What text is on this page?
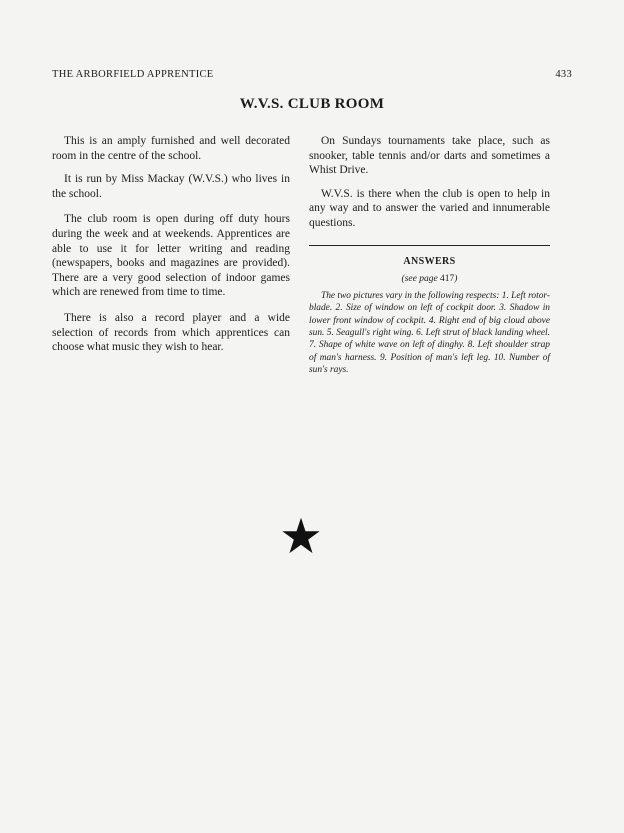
THE ARBORFIELD APPRENTICE	433
W.V.S. CLUB ROOM

This is an amply furnished and well decorated room in the centre of the school.

It is run by Miss Mackay (W.V.S.) who lives in the school.

The club room is open during off duty hours during the week and at weekends. Apprentices are able to use it for letter writing and reading (newspapers, books and magazines are provided). There are a very good selection of indoor games which are renewed from time to time.

There is also a record player and a wide selection of records from which apprentices can choose what music they wish to hear.

On Sundays tournaments take place, such as snooker, table tennis and/or darts and sometimes a Whist Drive.

W.V.S. is there when the club is open to help in any way and to answer the varied and innumerable questions.

ANSWERS
(see page 417)

The two pictures vary in the following respects: 1. Left rotor-blade. 2. Size of window on left of cockpit door. 3. Shadow in lower front window of cockpit. 4. Right end of big cloud above sun. 5. Seagull's right wing. 6. Left strut of black landing wheel. 7. Shape of white wave on left of dinghy. 8. Left shoulder strap of man's harness. 9. Position of man's left leg. 10. Number of sun's rays.
